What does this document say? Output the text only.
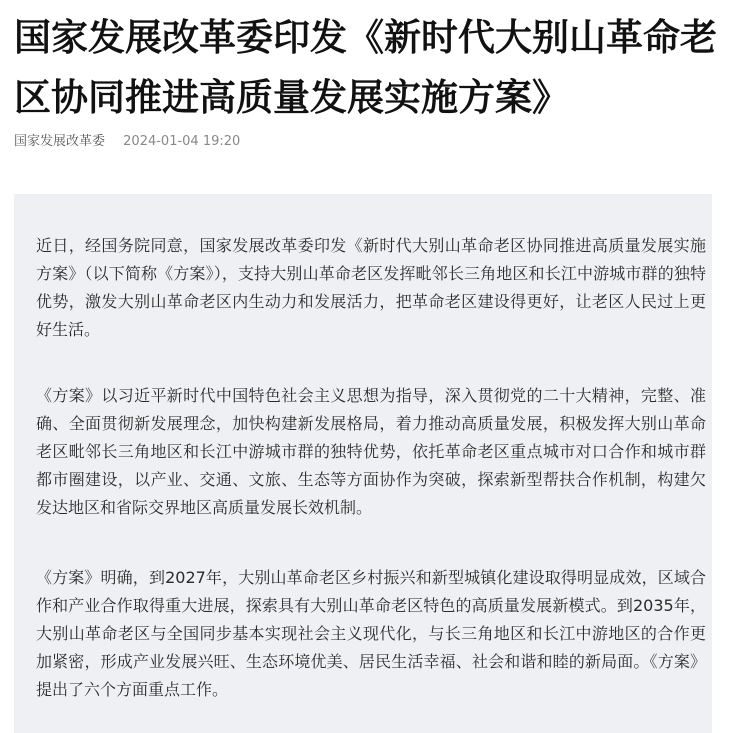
国家发展改革委印发《新时代大别山革命老区协同推进高质量发展实施方案》
国家发展改革委 2024-01-04 19:20

近日，经国务院同意，国家发展改革委印发《新时代大别山革命老区协同推进高质量发展实施方案》（以下简称《方案》），支持大别山革命老区发挥毗邻长三角地区和长江中游城市群的独特优势，激发大别山革命老区内生动力和发展活力，把革命老区建设得更好，让老区人民过上更好生活。

《方案》以习近平新时代中国特色社会主义思想为指导，深入贯彻党的二十大精神，完整、准确、全面贯彻新发展理念，加快构建新发展格局，着力推动高质量发展，积极发挥大别山革命老区毗邻长三角地区和长江中游城市群的独特优势，依托革命老区重点城市对口合作和城市群都市圈建设，以产业、交通、文旅、生态等方面协作为突破，探索新型帮扶合作机制，构建欠发达地区和省际交界地区高质量发展长效机制。

《方案》明确，到2027年，大别山革命老区乡村振兴和新型城镇化建设取得明显成效，区域合作和产业合作取得重大进展，探索具有大别山革命老区特色的高质量发展新模式。到2035年，大别山革命老区与全国同步基本实现社会主义现代化，与长三角地区和长江中游地区的合作更加紧密，形成产业发展兴旺、生态环境优美、居民生活幸福、社会和谐和睦的新局面。《方案》提出了六个方面重点工作。
